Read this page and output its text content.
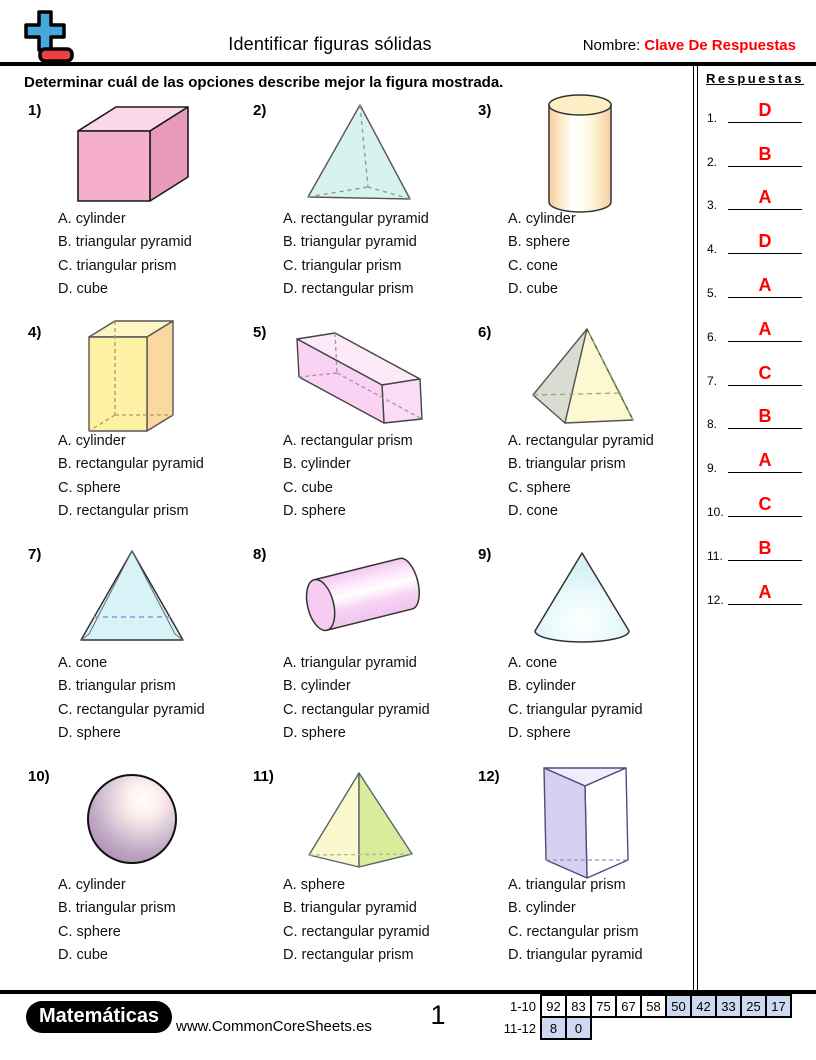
Identificar figuras sólidas	Nombre: Clave De Respuestas
Determinar cuál de las opciones describe mejor la figura mostrada.
1)
A. cylinder
B. triangular pyramid
C. triangular prism
D. cube
2)
A. rectangular pyramid
B. triangular pyramid
C. triangular prism
D. rectangular prism
3)
A. cylinder
B. sphere
C. cone
D. cube
4)
A. cylinder
B. rectangular pyramid
C. sphere
D. rectangular prism
5)
A. rectangular prism
B. cylinder
C. cube
D. sphere
6)
A. rectangular pyramid
B. triangular prism
C. sphere
D. cone
7)
A. cone
B. triangular prism
C. rectangular pyramid
D. sphere
8)
A. triangular pyramid
B. cylinder
C. rectangular pyramid
D. sphere
9)
A. cone
B. cylinder
C. triangular pyramid
D. sphere
10)
A. cylinder
B. triangular prism
C. sphere
D. cube
11)
A. sphere
B. triangular pyramid
C. rectangular pyramid
D. rectangular prism
12)
A. triangular prism
B. cylinder
C. rectangular prism
D. triangular pyramid
Respuestas
1.	D
2.	B
3.	A
4.	D
5.	A
6.	A
7.	C
8.	B
9.	A
10.	C
11.	B
12.	A
Matemáticas	www.CommonCoreSheets.es	1	1-10	92	83	75	67	58	50	42	33	25	17
11-12	8	0								
